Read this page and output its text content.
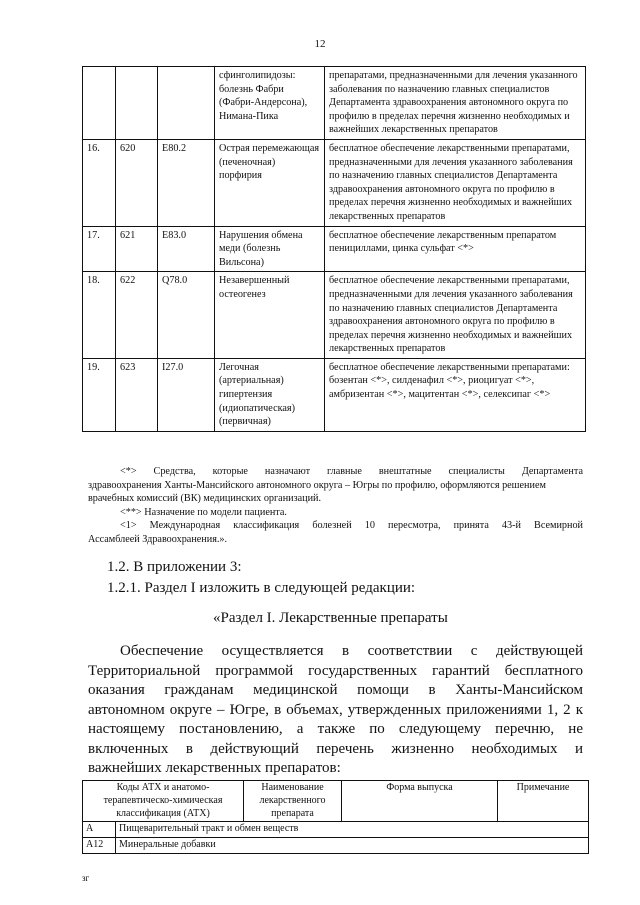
12
			сфинголипидозы: болезнь Фабри (Фабри-Андерсона), Нимана-Пика	препаратами, предназначенными для лечения указанного заболевания по назначению главных специалистов Департамента здравоохранения автономного округа по профилю в пределах перечня жизненно необходимых и важнейших лекарственных препаратов
16.	620	E80.2	Острая перемежающая (печеночная) порфирия	бесплатное обеспечение лекарственными препаратами, предназначенными для лечения указанного заболевания по назначению главных специалистов Департамента здравоохранения автономного округа по профилю в пределах перечня жизненно необходимых и важнейших лекарственных препаратов
17.	621	E83.0	Нарушения обмена меди (болезнь Вильсона)	бесплатное обеспечение лекарственным препаратом пенициллами, цинка сульфат <*>
18.	622	Q78.0	Незавершенный остеогенез	бесплатное обеспечение лекарственными препаратами, предназначенными для лечения указанного заболевания по назначению главных специалистов Департамента здравоохранения автономного округа по профилю в пределах перечня жизненно необходимых и важнейших лекарственных препаратов
19.	623	I27.0	Легочная (артериальная) гипертензия (идиопатическая) (первичная)	бесплатное обеспечение лекарственными препаратами: бозентан <*>, силденафил <*>, риоцигуат <*>, амбризентан <*>, мацитентан <*>, селексипаг <*>

<*> Средства, которые назначают главные внештатные специалисты Департамента

здравоохранения Ханты-Мансийского автономного округа – Югры по профилю, оформляются решением врачебных комиссий (ВК) медицинских организаций.

<**> Назначение по модели пациента.

<1> Международная классификация болезней 10 пересмотра, принята 43-й Всемирной

Ассамблеей Здравоохранения.».

1.2. В приложении 3:
1.2.1. Раздел I изложить в следующей редакции:
«Раздел I. Лекарственные препараты
Обеспечение осуществляется в соответствии с действующей
Территориальной программой государственных гарантий бесплатного
оказания гражданам медицинской помощи в Ханты-Мансийском
автономном округе – Югре, в объемах, утвержденных приложениями 1, 2 к
настоящему постановлению, а также по следующему перечню, не
включенных в действующий перечень жизненно необходимых и
важнейших лекарственных препаратов:
Коды АТХ и анатомо-терапевтическо-химическая классификация (АТХ)		Наименование лекарственного препарата	Форма выпуска	Примечание
A	Пищеварительный тракт и обмен веществ			
A12	Минеральные добавки			
зг
